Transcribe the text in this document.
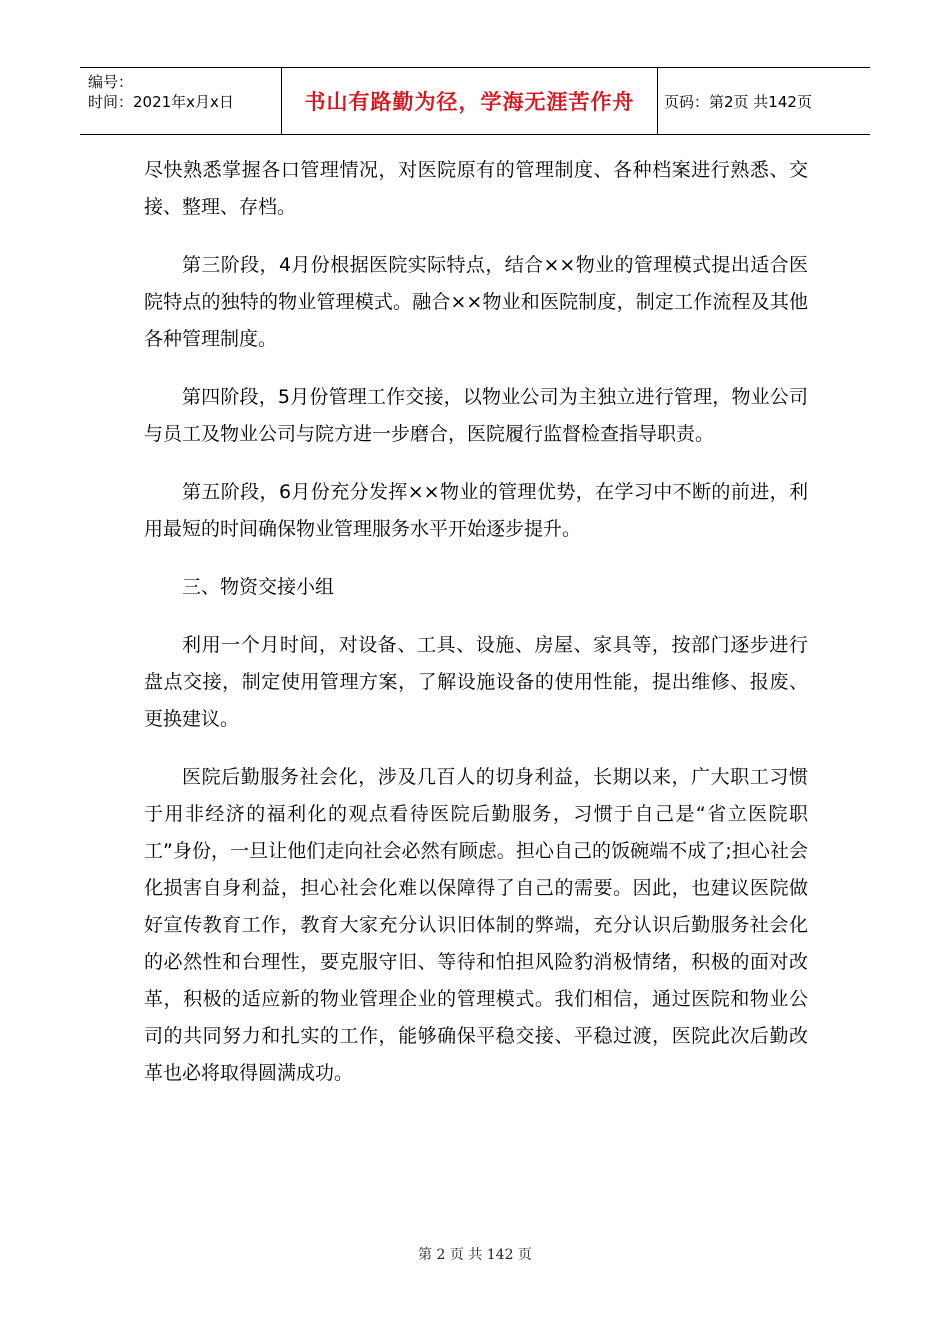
编号：
时间：2021年x月x日	书山有路勤为径，学海无涯苦作舟	页码：第2页 共142页

尽快熟悉掌握各口管理情况，对医院原有的管理制度、各种档案进行熟悉、交接、整理、存档。

第三阶段，4月份根据医院实际特点，结合××物业的管理模式提出适合医院特点的独特的物业管理模式。融合××物业和医院制度，制定工作流程及其他各种管理制度。

第四阶段，5月份管理工作交接，以物业公司为主独立进行管理，物业公司与员工及物业公司与院方进一步磨合，医院履行监督检查指导职责。

第五阶段，6月份充分发挥××物业的管理优势，在学习中不断的前进，利用最短的时间确保物业管理服务水平开始逐步提升。

三、物资交接小组

利用一个月时间，对设备、工具、设施、房屋、家具等，按部门逐步进行盘点交接，制定使用管理方案，了解设施设备的使用性能，提出维修、报废、更换建议。

医院后勤服务社会化，涉及几百人的切身利益，长期以来，广大职工习惯于用非经济的福利化的观点看待医院后勤服务，习惯于自己是“省立医院职工”身份，一旦让他们走向社会必然有顾虑。担心自己的饭碗端不成了;担心社会化损害自身利益，担心社会化难以保障得了自己的需要。因此，也建议医院做好宣传教育工作，教育大家充分认识旧体制的弊端，充分认识后勤服务社会化的必然性和台理性，要克服守旧、等待和怕担风险豹消极情绪，积极的面对改革，积极的适应新的物业管理企业的管理模式。我们相信，通过医院和物业公司的共同努力和扎实的工作，能够确保平稳交接、平稳过渡，医院此次后勤改革也必将取得圆满成功。

第 2 页 共 142 页
